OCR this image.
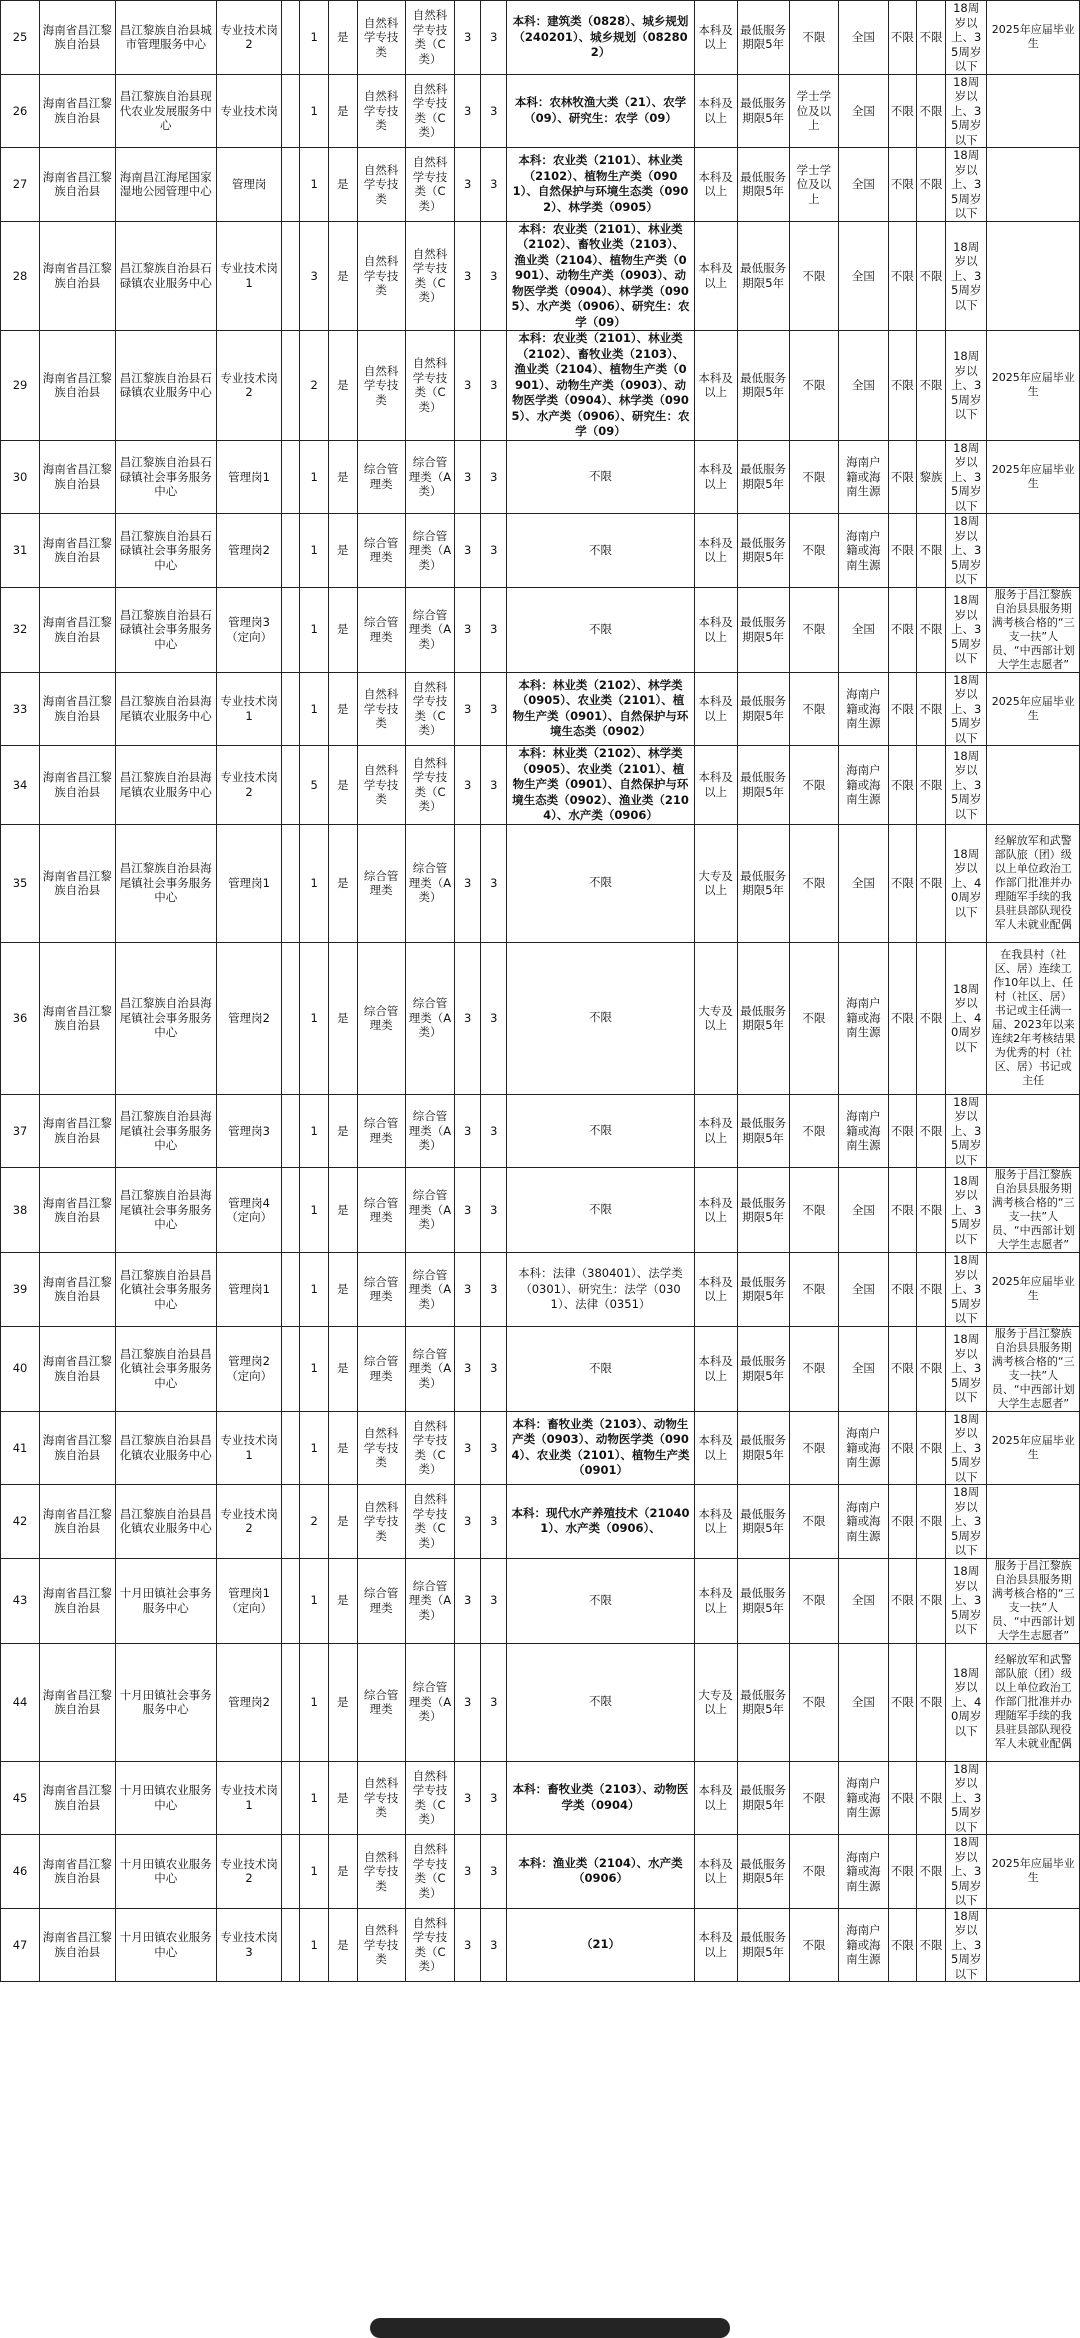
25	海南省昌江黎族自治县	昌江黎族自治县城市管理服务中心	专业技术岗2		1	是	自然科学专技类	自然科学专技类（C类）	3	3	本科：建筑类（0828）、城乡规划（240201）、城乡规划（082802）	本科及以上	最低服务期限5年	不限	全国	不限	不限	18周岁以上、35周岁以下	2025年应届毕业生
26	海南省昌江黎族自治县	昌江黎族自治县现代农业发展服务中心	专业技术岗		1	是	自然科学专技类	自然科学专技类（C类）	3	3	本科：农林牧渔大类（21）、农学（09）、研究生：农学（09）	本科及以上	最低服务期限5年	学士学位及以上	全国	不限	不限	18周岁以上、35周岁以下	
27	海南省昌江黎族自治县	海南昌江海尾国家湿地公园管理中心	管理岗		1	是	自然科学专技类	自然科学专技类（C类）	3	3	本科：农业类（2101）、林业类（2102）、植物生产类（0901）、自然保护与环境生态类（0902）、林学类（0905）	本科及以上	最低服务期限5年	学士学位及以上	全国	不限	不限	18周岁以上、35周岁以下	
28	海南省昌江黎族自治县	昌江黎族自治县石碌镇农业服务中心	专业技术岗1		3	是	自然科学专技类	自然科学专技类（C类）	3	3	本科：农业类（2101）、林业类（2102）、畜牧业类（2103）、渔业类（2104）、植物生产类（0901）、动物生产类（0903）、动物医学类（0904）、林学类（0905）、水产类（0906）、研究生：农学（09）	本科及以上	最低服务期限5年	不限	全国	不限	不限	18周岁以上、35周岁以下	
29	海南省昌江黎族自治县	昌江黎族自治县石碌镇农业服务中心	专业技术岗2		2	是	自然科学专技类	自然科学专技类（C类）	3	3	本科：农业类（2101）、林业类（2102）、畜牧业类（2103）、渔业类（2104）、植物生产类（0901）、动物生产类（0903）、动物医学类（0904）、林学类（0905）、水产类（0906）、研究生：农学（09）	本科及以上	最低服务期限5年	不限	全国	不限	不限	18周岁以上、35周岁以下	2025年应届毕业生
30	海南省昌江黎族自治县	昌江黎族自治县石碌镇社会事务服务中心	管理岗1		1	是	综合管理类	综合管理类（A类）	3	3	不限	本科及以上	最低服务期限5年	不限	海南户籍或海南生源	不限	黎族	18周岁以上、35周岁以下	2025年应届毕业生
31	海南省昌江黎族自治县	昌江黎族自治县石碌镇社会事务服务中心	管理岗2		1	是	综合管理类	综合管理类（A类）	3	3	不限	本科及以上	最低服务期限5年	不限	海南户籍或海南生源	不限	不限	18周岁以上、35周岁以下	
32	海南省昌江黎族自治县	昌江黎族自治县石碌镇社会事务服务中心	管理岗3（定向）		1	是	综合管理类	综合管理类（A类）	3	3	不限	本科及以上	最低服务期限5年	不限	全国	不限	不限	18周岁以上、35周岁以下	服务于昌江黎族自治县县服务期满考核合格的“三支一扶”人员、“中西部计划大学生志愿者”
33	海南省昌江黎族自治县	昌江黎族自治县海尾镇农业服务中心	专业技术岗1		1	是	自然科学专技类	自然科学专技类（C类）	3	3	本科：林业类（2102）、林学类（0905）、农业类（2101）、植物生产类（0901）、自然保护与环境生态类（0902）	本科及以上	最低服务期限5年	不限	海南户籍或海南生源	不限	不限	18周岁以上、35周岁以下	2025年应届毕业生
34	海南省昌江黎族自治县	昌江黎族自治县海尾镇农业服务中心	专业技术岗2		5	是	自然科学专技类	自然科学专技类（C类）	3	3	本科：林业类（2102）、林学类（0905）、农业类（2101）、植物生产类（0901）、自然保护与环境生态类（0902）、渔业类（2104）、水产类（0906）	本科及以上	最低服务期限5年	不限	海南户籍或海南生源	不限	不限	18周岁以上、35周岁以下	
35	海南省昌江黎族自治县	昌江黎族自治县海尾镇社会事务服务中心	管理岗1		1	是	综合管理类	综合管理类（A类）	3	3	不限	大专及以上	最低服务期限5年	不限	全国	不限	不限	18周岁以上、40周岁以下	经解放军和武警部队旅（团）级以上单位政治工作部门批准并办理随军手续的我县驻县部队现役军人未就业配偶
36	海南省昌江黎族自治县	昌江黎族自治县海尾镇社会事务服务中心	管理岗2		1	是	综合管理类	综合管理类（A类）	3	3	不限	大专及以上	最低服务期限5年	不限	海南户籍或海南生源	不限	不限	18周岁以上、40周岁以下	在我县村（社区、居）连续工作10年以上、任村（社区、居）书记或主任满一届、2023年以来连续2年考核结果为优秀的村（社区、居）书记或主任
37	海南省昌江黎族自治县	昌江黎族自治县海尾镇社会事务服务中心	管理岗3		1	是	综合管理类	综合管理类（A类）	3	3	不限	本科及以上	最低服务期限5年	不限	海南户籍或海南生源	不限	不限	18周岁以上、35周岁以下	
38	海南省昌江黎族自治县	昌江黎族自治县海尾镇社会事务服务中心	管理岗4（定向）		1	是	综合管理类	综合管理类（A类）	3	3	不限	本科及以上	最低服务期限5年	不限	全国	不限	不限	18周岁以上、35周岁以下	服务于昌江黎族自治县县服务期满考核合格的“三支一扶”人员、“中西部计划大学生志愿者”
39	海南省昌江黎族自治县	昌江黎族自治县昌化镇社会事务服务中心	管理岗1		1	是	综合管理类	综合管理类（A类）	3	3	本科：法律（380401）、法学类（0301）、研究生：法学（0301）、法律（0351）	本科及以上	最低服务期限5年	不限	全国	不限	不限	18周岁以上、35周岁以下	2025年应届毕业生
40	海南省昌江黎族自治县	昌江黎族自治县昌化镇社会事务服务中心	管理岗2（定向）		1	是	综合管理类	综合管理类（A类）	3	3	不限	本科及以上	最低服务期限5年	不限	全国	不限	不限	18周岁以上、35周岁以下	服务于昌江黎族自治县县服务期满考核合格的“三支一扶”人员、“中西部计划大学生志愿者”
41	海南省昌江黎族自治县	昌江黎族自治县昌化镇农业服务中心	专业技术岗1		1	是	自然科学专技类	自然科学专技类（C类）	3	3	本科：畜牧业类（2103）、动物生产类（0903）、动物医学类（0904）、农业类（2101）、植物生产类（0901）	本科及以上	最低服务期限5年	不限	海南户籍或海南生源	不限	不限	18周岁以上、35周岁以下	2025年应届毕业生
42	海南省昌江黎族自治县	昌江黎族自治县昌化镇农业服务中心	专业技术岗2		2	是	自然科学专技类	自然科学专技类（C类）	3	3	本科：现代水产养殖技术（210401）、水产类（0906）、	本科及以上	最低服务期限5年	不限	海南户籍或海南生源	不限	不限	18周岁以上、35周岁以下	
43	海南省昌江黎族自治县	十月田镇社会事务服务中心	管理岗1（定向）		1	是	综合管理类	综合管理类（A类）	3	3	不限	本科及以上	最低服务期限5年	不限	全国	不限	不限	18周岁以上、35周岁以下	服务于昌江黎族自治县县服务期满考核合格的“三支一扶”人员、“中西部计划大学生志愿者”
44	海南省昌江黎族自治县	十月田镇社会事务服务中心	管理岗2		1	是	综合管理类	综合管理类（A类）	3	3	不限	大专及以上	最低服务期限5年	不限	全国	不限	不限	18周岁以上、40周岁以下	经解放军和武警部队旅（团）级以上单位政治工作部门批准并办理随军手续的我县驻县部队现役军人未就业配偶
45	海南省昌江黎族自治县	十月田镇农业服务中心	专业技术岗1		1	是	自然科学专技类	自然科学专技类（C类）	3	3	本科：畜牧业类（2103）、动物医学类（0904）	本科及以上	最低服务期限5年	不限	海南户籍或海南生源	不限	不限	18周岁以上、35周岁以下	
46	海南省昌江黎族自治县	十月田镇农业服务中心	专业技术岗2		1	是	自然科学专技类	自然科学专技类（C类）	3	3	本科：渔业类（2104）、水产类（0906）	本科及以上	最低服务期限5年	不限	海南户籍或海南生源	不限	不限	18周岁以上、35周岁以下	2025年应届毕业生
47	海南省昌江黎族自治县	十月田镇农业服务中心	专业技术岗3		1	是	自然科学专技类	自然科学专技类（C类）	3	3	（21）	本科及以上	最低服务期限5年	不限	海南户籍或海南生源	不限	不限	18周岁以上、35周岁以下	
